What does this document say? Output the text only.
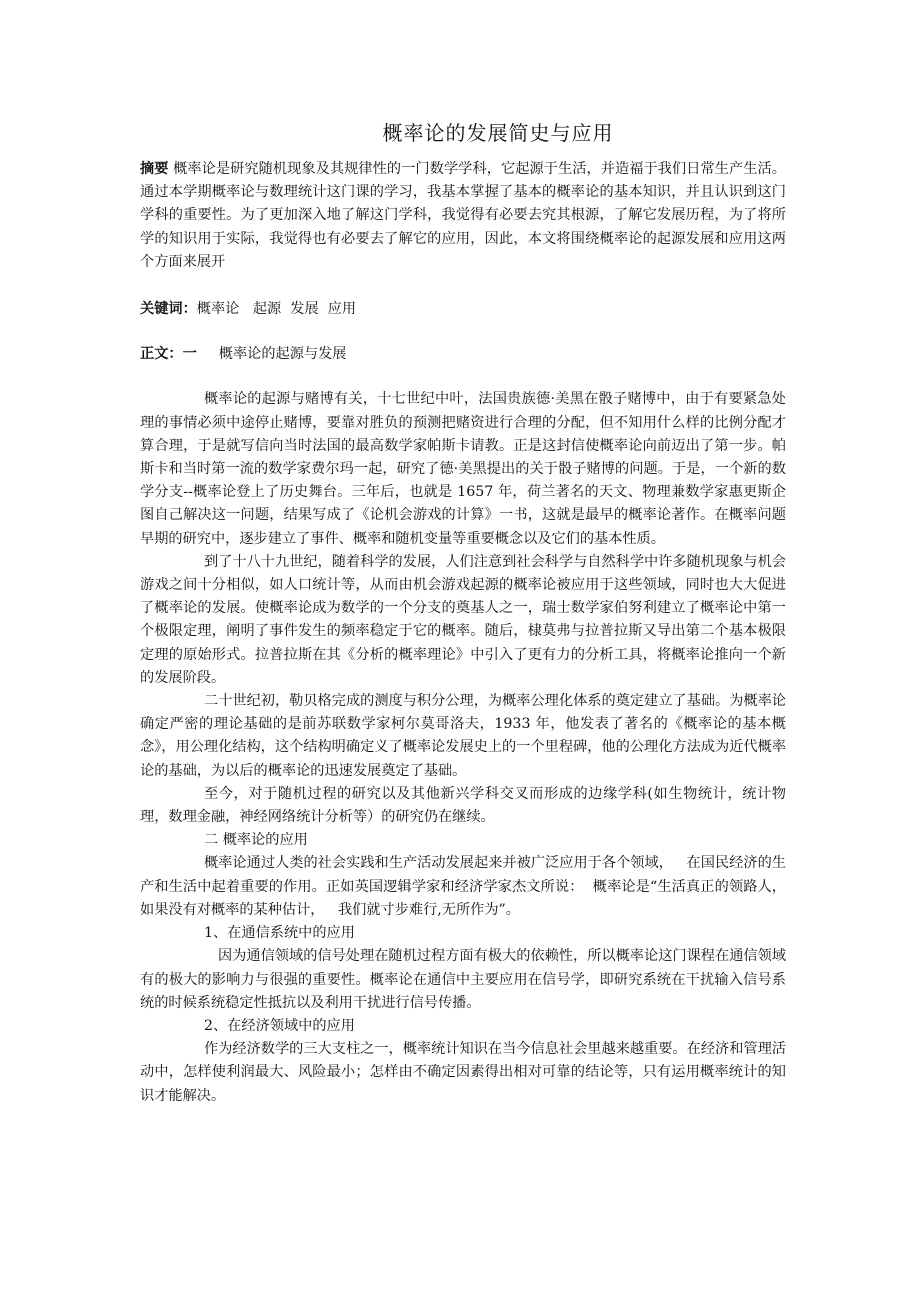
概率论的发展简史与应用

摘要 概率论是研究随机现象及其规律性的一门数学学科，它起源于生活，并造福于我们日常生产生活。通过本学期概率论与数理统计这门课的学习，我基本掌握了基本的概率论的基本知识，并且认识到这门学科的重要性。为了更加深入地了解这门学科，我觉得有必要去究其根源，了解它发展历程，为了将所学的知识用于实际，我觉得也有必要去了解它的应用，因此，本文将围绕概率论的起源发展和应用这两个方面来展开

关键词：概率论   起源  发展  应用

正文：一 概率论的起源与发展

概率论的起源与赌博有关，十七世纪中叶，法国贵族德·美黑在骰子赌博中，由于有要紧急处理的事情必须中途停止赌博，要靠对胜负的预测把赌资进行合理的分配，但不知用什么样的比例分配才算合理，于是就写信向当时法国的最高数学家帕斯卡请教。正是这封信使概率论向前迈出了第一步。帕斯卡和当时第一流的数学家费尔玛一起，研究了德·美黑提出的关于骰子赌博的问题。于是，一个新的数学分支--概率论登上了历史舞台。三年后，也就是 1657 年，荷兰著名的天文、物理兼数学家惠更斯企图自己解决这一问题，结果写成了《论机会游戏的计算》一书，这就是最早的概率论著作。在概率问题早期的研究中，逐步建立了事件、概率和随机变量等重要概念以及它们的基本性质。

到了十八十九世纪，随着科学的发展，人们注意到社会科学与自然科学中许多随机现象与机会游戏之间十分相似，如人口统计等，从而由机会游戏起源的概率论被应用于这些领域，同时也大大促进了概率论的发展。使概率论成为数学的一个分支的奠基人之一，瑞士数学家伯努利建立了概率论中第一个极限定理，阐明了事件发生的频率稳定于它的概率。随后，棣莫弗与拉普拉斯又导出第二个基本极限定理的原始形式。拉普拉斯在其《分析的概率理论》中引入了更有力的分析工具，将概率论推向一个新的发展阶段。

二十世纪初，勒贝格完成的测度与积分公理，为概率公理化体系的奠定建立了基础。为概率论确定严密的理论基础的是前苏联数学家柯尔莫哥洛夫，1933 年，他发表了著名的《概率论的基本概念》，用公理化结构，这个结构明确定义了概率论发展史上的一个里程碑，他的公理化方法成为近代概率论的基础，为以后的概率论的迅速发展奠定了基础。

至今，对于随机过程的研究以及其他新兴学科交叉而形成的边缘学科(如生物统计，统计物理，数理金融，神经网络统计分析等）的研究仍在继续。

二 概率论的应用

概率论通过人类的社会实践和生产活动发展起来并被广泛应用于各个领域，   在国民经济的生产和生活中起着重要的作用。正如英国逻辑学家和经济学家杰文所说：  概率论是“生活真正的领路人，   如果没有对概率的某种估计，   我们就寸步难行,无所作为”。

1、在通信系统中的应用

因为通信领域的信号处理在随机过程方面有极大的依赖性，所以概率论这门课程在通信领域有的极大的影响力与很强的重要性。概率论在通信中主要应用在信号学，即研究系统在干扰输入信号系统的时候系统稳定性抵抗以及利用干扰进行信号传播。

2、在经济领域中的应用

作为经济数学的三大支柱之一，概率统计知识在当今信息社会里越来越重要。在经济和管理活动中，怎样使利润最大、风险最小；怎样由不确定因素得出相对可靠的结论等，只有运用概率统计的知识才能解决。
